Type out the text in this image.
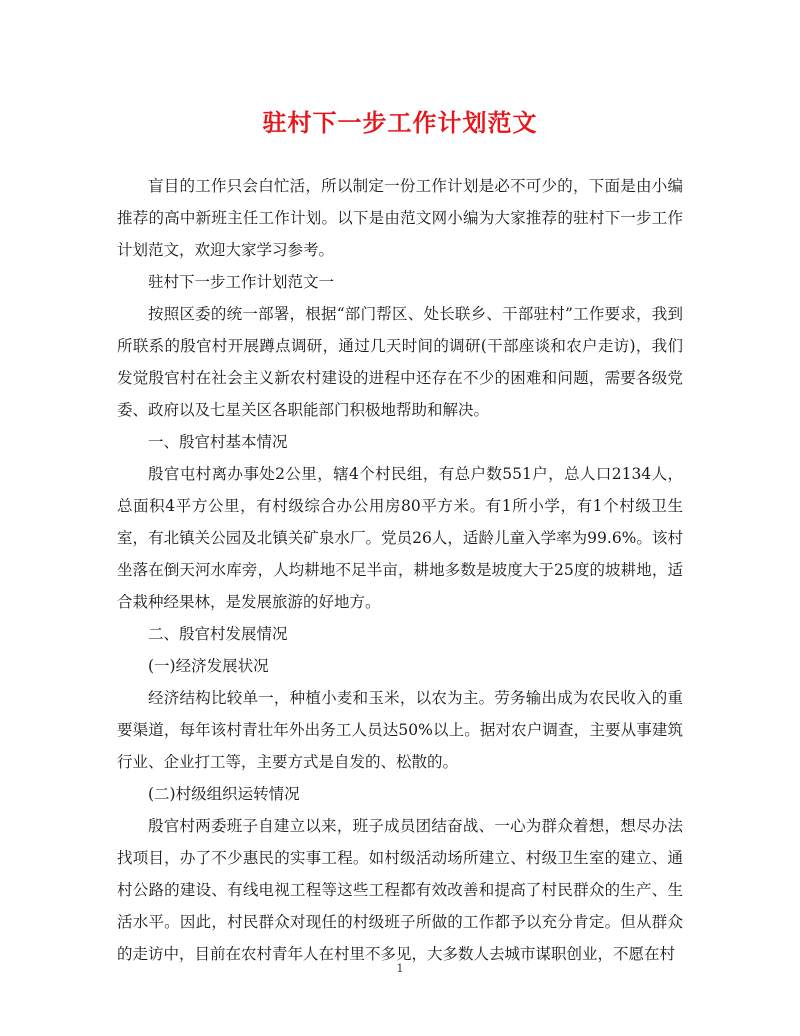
驻村下一步工作计划范文

盲目的工作只会白忙活，所以制定一份工作计划是必不可少的，下面是由小编推荐的高中新班主任工作计划。以下是由范文网小编为大家推荐的驻村下一步工作计划范文，欢迎大家学习参考。

驻村下一步工作计划范文一

按照区委的统一部署，根据“部门帮区、处长联乡、干部驻村”工作要求，我到所联系的殷官村开展蹲点调研，通过几天时间的调研(干部座谈和农户走访)，我们发觉殷官村在社会主义新农村建设的进程中还存在不少的困难和问题，需要各级党委、政府以及七星关区各职能部门积极地帮助和解决。

一、殷官村基本情况

殷官屯村离办事处2公里，辖4个村民组，有总户数551户，总人口2134人，总面积4平方公里，有村级综合办公用房80平方米。有1所小学，有1个村级卫生室，有北镇关公园及北镇关矿泉水厂。党员26人，适龄儿童入学率为99.6%。该村坐落在倒天河水库旁，人均耕地不足半亩，耕地多数是坡度大于25度的坡耕地，适合栽种经果林，是发展旅游的好地方。

二、殷官村发展情况

(一)经济发展状况

经济结构比较单一，种植小麦和玉米，以农为主。劳务输出成为农民收入的重要渠道，每年该村青壮年外出务工人员达50%以上。据对农户调查，主要从事建筑行业、企业打工等，主要方式是自发的、松散的。

(二)村级组织运转情况

殷官村两委班子自建立以来，班子成员团结奋战、一心为群众着想，想尽办法找项目，办了不少惠民的实事工程。如村级活动场所建立、村级卫生室的建立、通村公路的建设、有线电视工程等这些工程都有效改善和提高了村民群众的生产、生活水平。因此，村民群众对现任的村级班子所做的工作都予以充分肯定。但从群众的走访中，目前在农村青年人在村里不多见，大多数人去城市谋职创业，不愿在村

1
